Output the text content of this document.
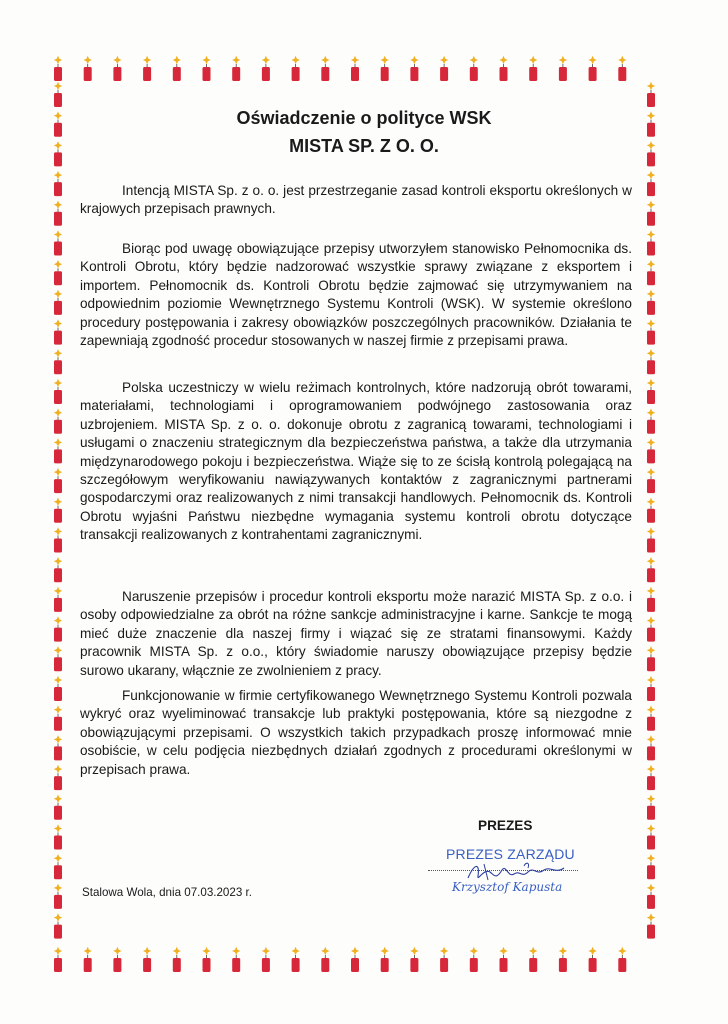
Oświadczenie o polityce WSK
MISTA SP. Z O. O.
Intencją MISTA Sp. z o. o. jest przestrzeganie zasad kontroli eksportu określonych w krajowych przepisach prawnych.
Biorąc pod uwagę obowiązujące przepisy utworzyłem stanowisko Pełnomocnika ds. Kontroli Obrotu, który będzie nadzorować wszystkie sprawy związane z eksportem i importem. Pełnomocnik ds. Kontroli Obrotu będzie zajmować się utrzymywaniem na odpowiednim poziomie Wewnętrznego Systemu Kontroli (WSK). W systemie określono procedury postępowania i zakresy obowiązków poszczególnych pracowników. Działania te zapewniają zgodność procedur stosowanych w naszej firmie z przepisami prawa.
Polska uczestniczy w wielu reżimach kontrolnych, które nadzorują obrót towarami, materiałami, technologiami i oprogramowaniem podwójnego zastosowania oraz uzbrojeniem. MISTA Sp. z o. o. dokonuje obrotu z zagranicą towarami, technologiami i usługami o znaczeniu strategicznym dla bezpieczeństwa państwa, a także dla utrzymania międzynarodowego pokoju i bezpieczeństwa. Wiąże się to ze ścisłą kontrolą polegającą na szczegółowym weryfikowaniu nawiązywanych kontaktów z zagranicznymi partnerami gospodarczymi oraz realizowanych z nimi transakcji handlowych. Pełnomocnik ds. Kontroli Obrotu wyjaśni Państwu niezbędne wymagania systemu kontroli obrotu dotyczące transakcji realizowanych z kontrahentami zagranicznymi.
Naruszenie przepisów i procedur kontroli eksportu może narazić MISTA Sp. z o.o. i osoby odpowiedzialne za obrót na różne sankcje administracyjne i karne. Sankcje te mogą mieć duże znaczenie dla naszej firmy i wiązać się ze stratami finansowymi. Każdy pracownik MISTA Sp. z o.o., który świadomie naruszy obowiązujące przepisy będzie surowo ukarany, włącznie ze zwolnieniem z pracy.
Funkcjonowanie w firmie certyfikowanego Wewnętrznego Systemu Kontroli pozwala wykryć oraz wyeliminować transakcje lub praktyki postępowania, które są niezgodne z obowiązującymi przepisami. O wszystkich takich przypadkach proszę informować mnie osobiście, w celu podjęcia niezbędnych działań zgodnych z procedurami określonymi w przepisach prawa.
PREZES
PREZES ZARZĄDU
Krzysztof Kapusta
Stalowa Wola, dnia 07.03.2023 r.
